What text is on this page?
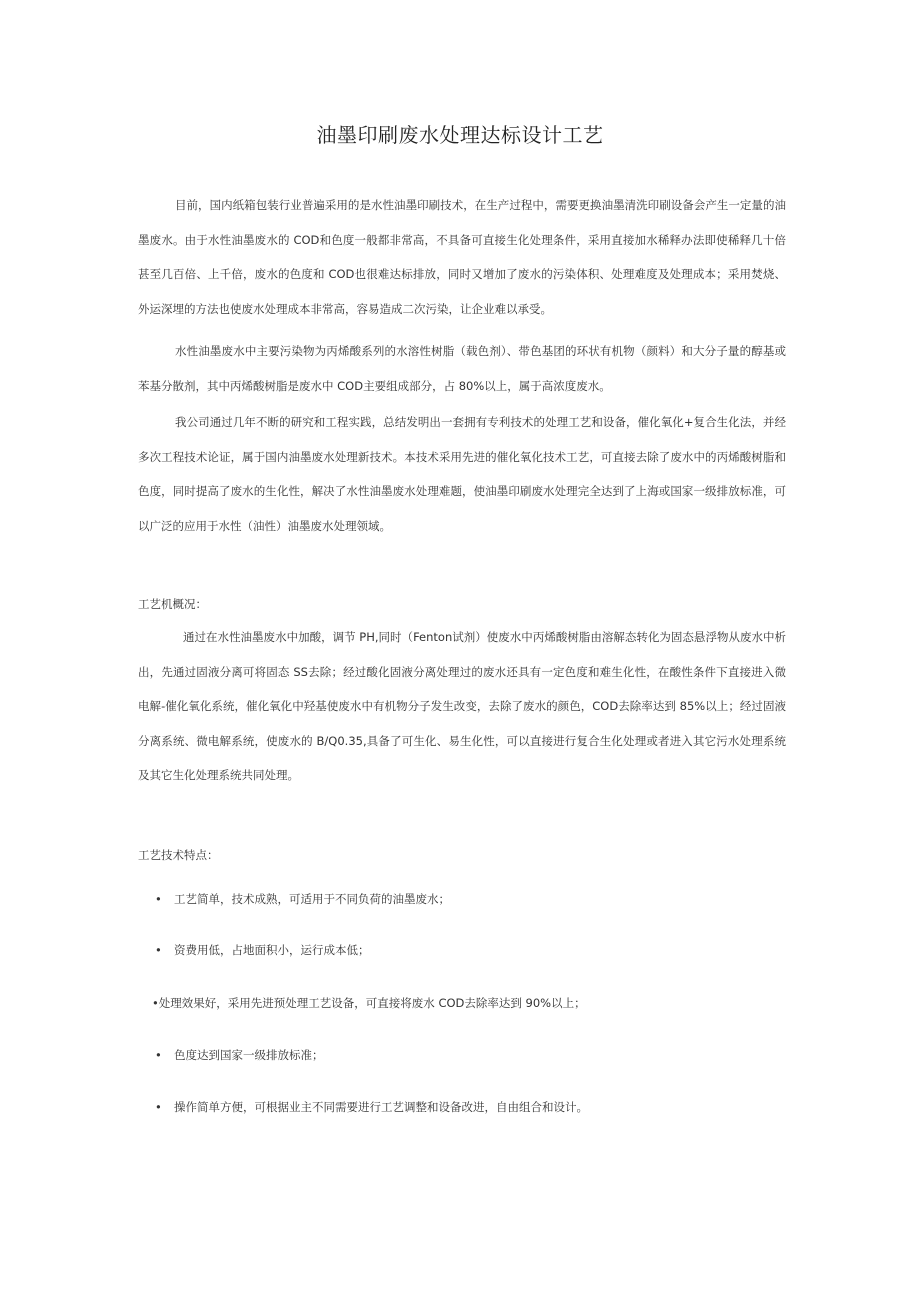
油墨印刷废水处理达标设计工艺
目前，国内纸箱包装行业普遍采用的是水性油墨印刷技术，在生产过程中，需要更换油墨清洗印刷设备会产生一定量的油墨废水。由于水性油墨废水的 COD和色度一般都非常高，不具备可直接生化处理条件，采用直接加水稀释办法即使稀释几十倍甚至几百倍、上千倍，废水的色度和 COD也很难达标排放，同时又增加了废水的污染体积、处理难度及处理成本；采用焚烧、外运深埋的方法也使废水处理成本非常高，容易造成二次污染，让企业难以承受。
水性油墨废水中主要污染物为丙烯酸系列的水溶性树脂（载色剂）、带色基团的环状有机物（颜料）和大分子量的醇基或苯基分散剂，其中丙烯酸树脂是废水中 COD主要组成部分，占 80%以上，属于高浓度废水。
我公司通过几年不断的研究和工程实践，总结发明出一套拥有专利技术的处理工艺和设备，催化氧化+复合生化法，并经多次工程技术论证，属于国内油墨废水处理新技术。本技术采用先进的催化氧化技术工艺，可直接去除了废水中的丙烯酸树脂和色度，同时提高了废水的生化性，解决了水性油墨废水处理难题，使油墨印刷废水处理完全达到了上海或国家一级排放标准，可以广泛的应用于水性（油性）油墨废水处理领域。
工艺机概况：
通过在水性油墨废水中加酸，调节 PH,同时（Fenton试剂）使废水中丙烯酸树脂由溶解态转化为固态悬浮物从废水中析出，先通过固液分离可将固态 SS去除；经过酸化固液分离处理过的废水还具有一定色度和难生化性，在酸性条件下直接进入微电解-催化氧化系统，催化氧化中羟基使废水中有机物分子发生改变，去除了废水的颜色，COD去除率达到 85%以上；经过固液分离系统、微电解系统，使废水的 B/Q0.35,具备了可生化、易生化性，可以直接进行复合生化处理或者进入其它污水处理系统及其它生化处理系统共同处理。
工艺技术特点：
• 工艺简单，技术成熟，可适用于不同负荷的油墨废水；
• 资费用低，占地面积小，运行成本低；
•处理效果好，采用先进预处理工艺设备，可直接将废水 COD去除率达到 90%以上；
• 色度达到国家一级排放标准；
• 操作简单方便，可根据业主不同需要进行工艺调整和设备改进，自由组合和设计。
